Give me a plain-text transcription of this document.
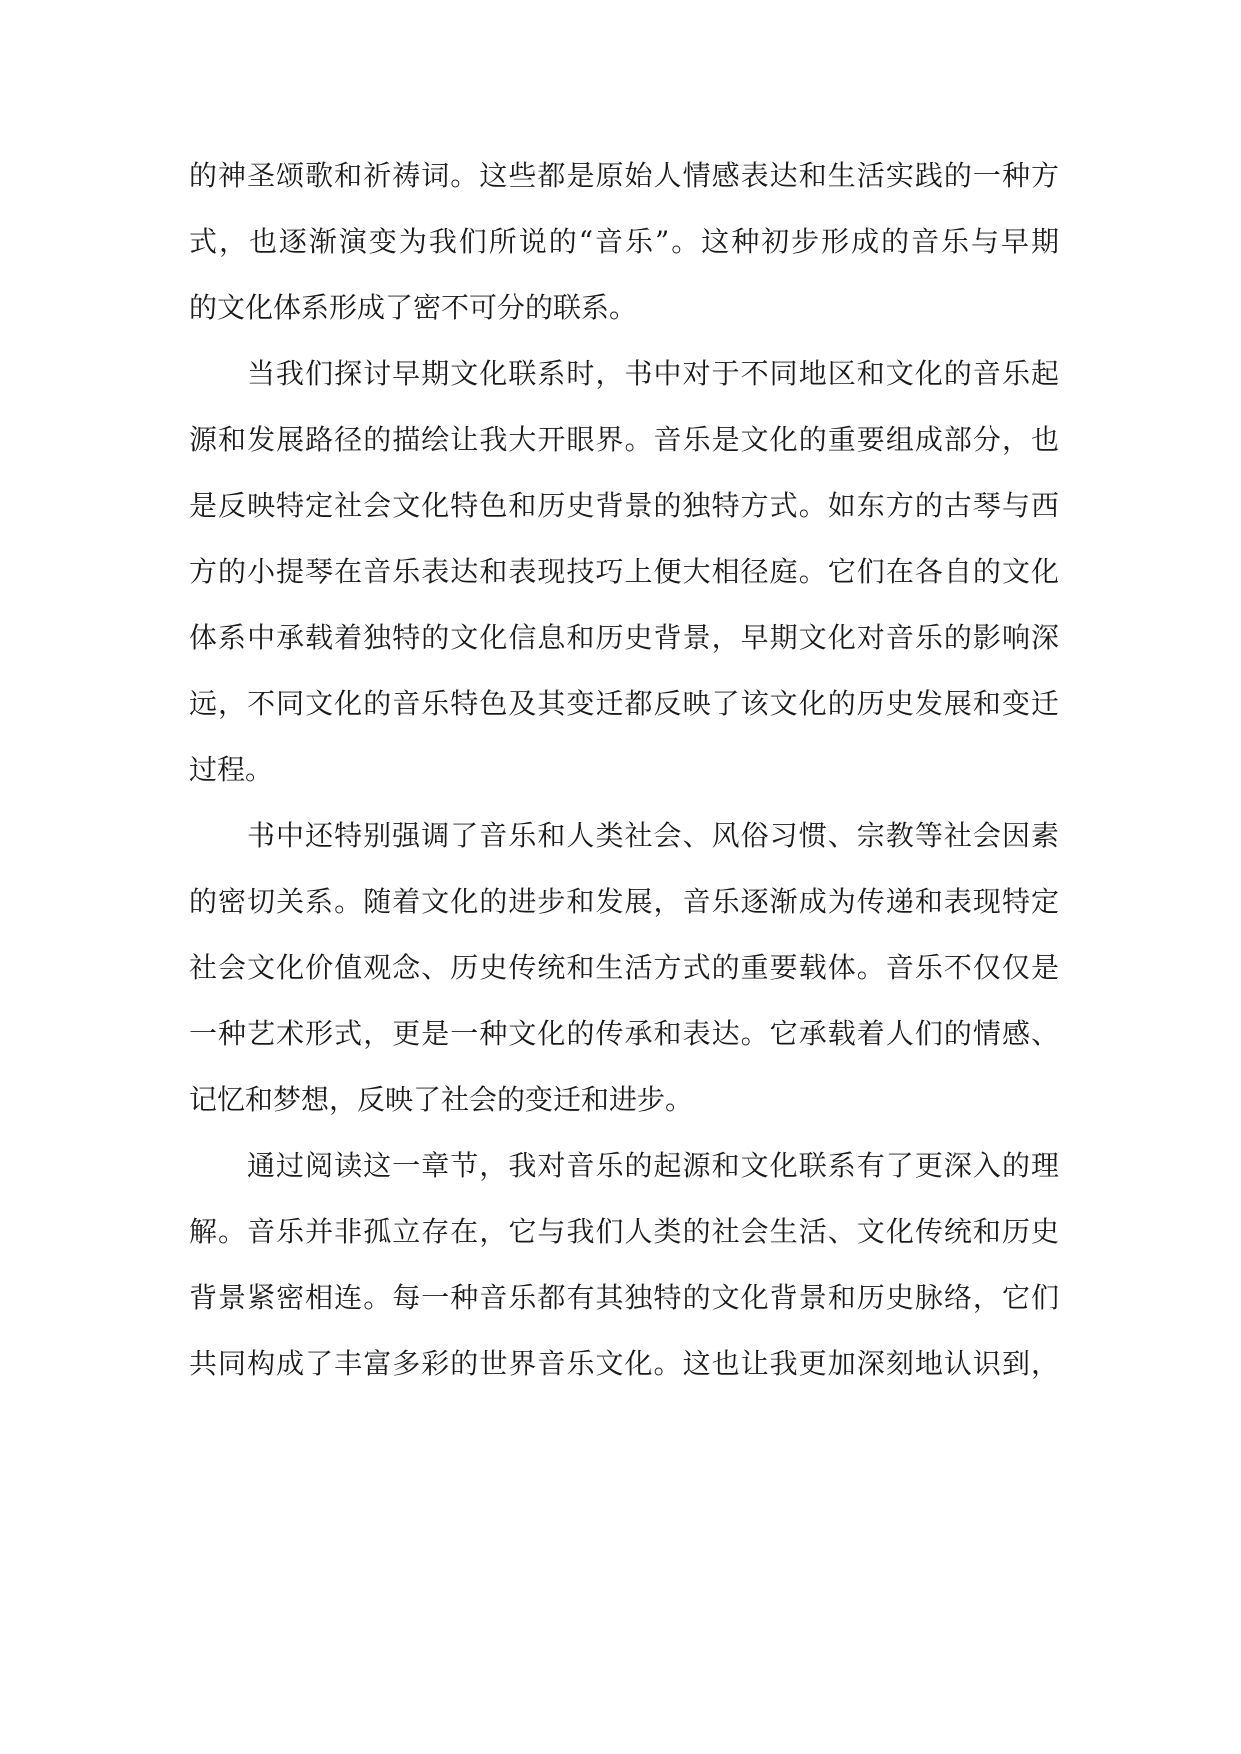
的神圣颂歌和祈祷词。这些都是原始人情感表达和生活实践的一种方
式，也逐渐演变为我们所说的“音乐”。这种初步形成的音乐与早期
的文化体系形成了密不可分的联系。
当我们探讨早期文化联系时，书中对于不同地区和文化的音乐起
源和发展路径的描绘让我大开眼界。音乐是文化的重要组成部分，也
是反映特定社会文化特色和历史背景的独特方式。如东方的古琴与西
方的小提琴在音乐表达和表现技巧上便大相径庭。它们在各自的文化
体系中承载着独特的文化信息和历史背景，早期文化对音乐的影响深
远，不同文化的音乐特色及其变迁都反映了该文化的历史发展和变迁
过程。
书中还特别强调了音乐和人类社会、风俗习惯、宗教等社会因素
的密切关系。随着文化的进步和发展，音乐逐渐成为传递和表现特定
社会文化价值观念、历史传统和生活方式的重要载体。音乐不仅仅是
一种艺术形式，更是一种文化的传承和表达。它承载着人们的情感、
记忆和梦想，反映了社会的变迁和进步。
通过阅读这一章节，我对音乐的起源和文化联系有了更深入的理
解。音乐并非孤立存在，它与我们人类的社会生活、文化传统和历史
背景紧密相连。每一种音乐都有其独特的文化背景和历史脉络，它们
共同构成了丰富多彩的世界音乐文化。这也让我更加深刻地认识到，
